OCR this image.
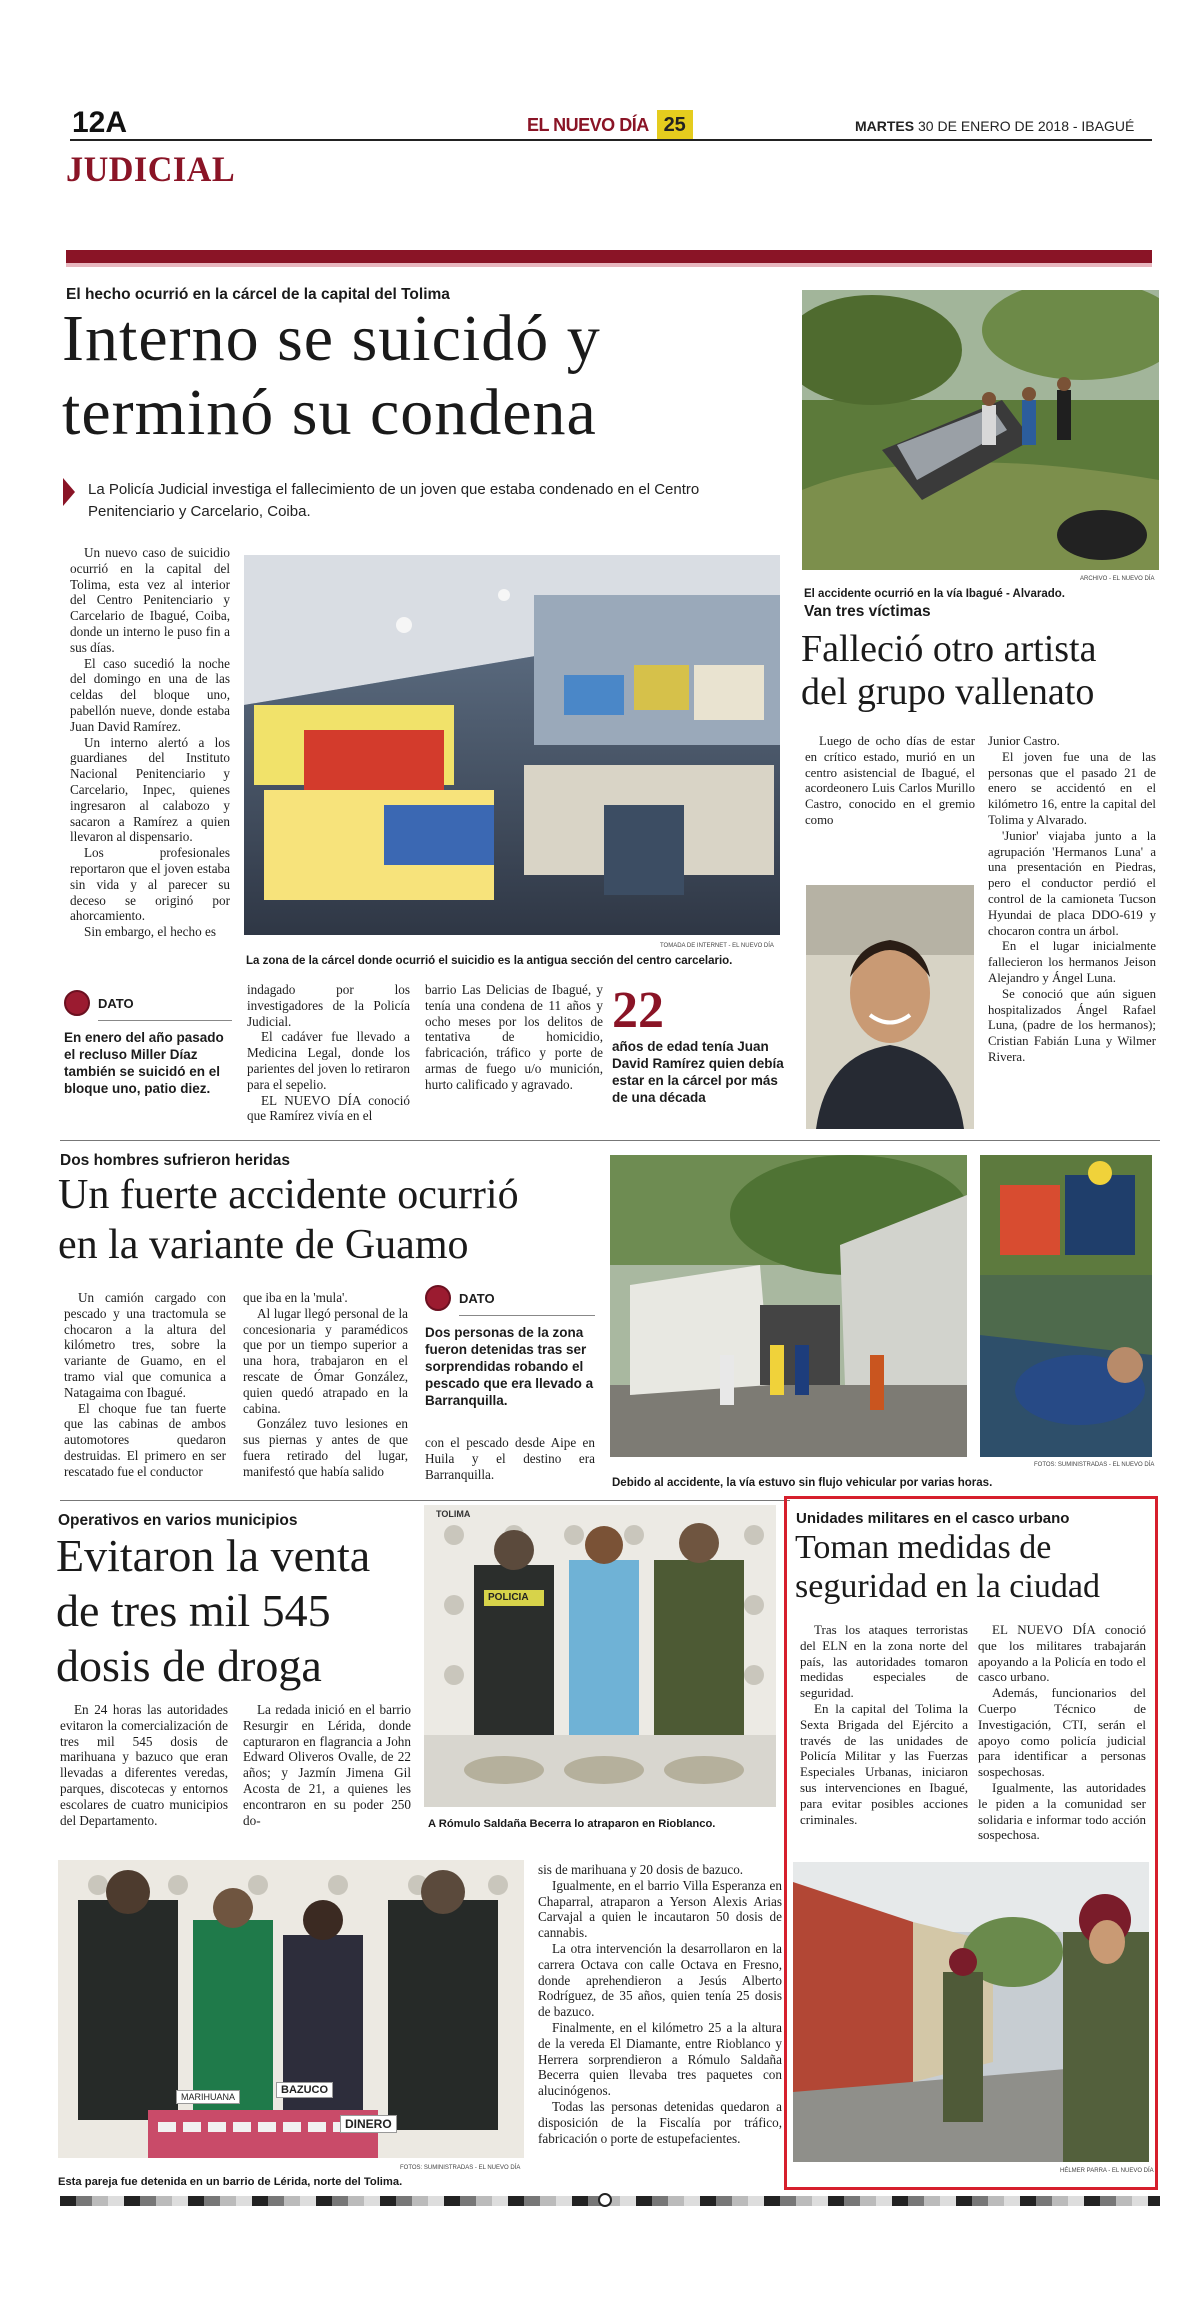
12A	EL NUEVO DÍA 25	MARTES 30 DE ENERO DE 2018 - IBAGUÉ
JUDICIAL
El hecho ocurrió en la cárcel de la capital del Tolima
Interno se suicidó y
terminó su condena
La Policía Judicial investiga el fallecimiento de un joven que estaba condenado en el Centro Penitenciario y Carcelario, Coiba.

Un nuevo caso de suicidio ocurrió en la capital del Tolima, esta vez al interior del Centro Penitenciario y Carcelario de Ibagué, Coiba, donde un interno le puso fin a sus días.

El caso sucedió la noche del domingo en una de las celdas del bloque uno, pabellón nueve, donde estaba Juan David Ramírez.

Un interno alertó a los guardianes del Instituto Nacional Penitenciario y Carcelario, Inpec, quienes ingresaron al calabozo y sacaron a Ramírez a quien llevaron al dispensario.

Los profesionales reportaron que el joven estaba sin vida y al parecer su deceso se originó por ahorcamiento.

Sin embargo, el hecho es

TOMADA DE INTERNET - EL NUEVO DÍA
La zona de la cárcel donde ocurrió el suicidio es la antigua sección del centro carcelario.
DATO
En enero del año pasado el recluso Miller Díaz también se suicidó en el bloque uno, patio diez.

indagado por los investigadores de la Policía Judicial.

El cadáver fue llevado a Medicina Legal, donde los parientes del joven lo retiraron para el sepelio.

EL NUEVO DÍA conoció que Ramírez vivía en el

barrio Las Delicias de Ibagué, y tenía una condena de 11 años y ocho meses por los delitos de tentativa de homicidio, fabricación, tráfico y porte de armas de fuego u/o munición, hurto calificado y agravado.

22
años de edad tenía Juan David Ramírez quien debía estar en la cárcel por más de una década
ARCHIVO - EL NUEVO DÍA
El accidente ocurrió en la vía Ibagué - Alvarado.
Van tres víctimas
Falleció otro artista
del grupo vallenato

Luego de ocho días de estar en crítico estado, murió en un centro asistencial de Ibagué, el acordeonero Luis Carlos Murillo Castro, conocido en el gremio como

Junior Castro.

El joven fue una de las personas que el pasado 21 de enero se accidentó en el kilómetro 16, entre la capital del Tolima y Alvarado.

'Junior' viajaba junto a la agrupación 'Hermanos Luna' a una presentación en Piedras, pero el conductor perdió el control de la camioneta Tucson Hyundai de placa DDO-619 y chocaron contra un árbol.

En el lugar inicialmente fallecieron los hermanos Jeison Alejandro y Ángel Luna.

Se conoció que aún siguen hospitalizados Ángel Rafael Luna, (padre de los hermanos); Cristian Fabián Luna y Wilmer Rivera.

Dos hombres sufrieron heridas
Un fuerte accidente ocurrió
en la variante de Guamo

Un camión cargado con pescado y una tractomula se chocaron a la altura del kilómetro tres, sobre la variante de Guamo, en el tramo vial que comunica a Natagaima con Ibagué.

El choque fue tan fuerte que las cabinas de ambos automotores quedaron destruidas. El primero en ser rescatado fue el conductor

que iba en la 'mula'.

Al lugar llegó personal de la concesionaria y paramédicos que por un tiempo superior a una hora, trabajaron en el rescate de Ómar González, quien quedó atrapado en la cabina.

González tuvo lesiones en sus piernas y antes de que fuera retirado del lugar, manifestó que había salido

DATO
Dos personas de la zona fueron detenidas tras ser sorprendidas robando el pescado que era llevado a Barranquilla.

con el pescado desde Aipe en Huila y el destino era Barranquilla.

FOTOS: SUMINISTRADAS - EL NUEVO DÍA
Debido al accidente, la vía estuvo sin flujo vehicular por varias horas.
Operativos en varios municipios
Evitaron la venta
de tres mil 545
dosis de droga

En 24 horas las autoridades evitaron la comercialización de tres mil 545 dosis de marihuana y bazuco que eran llevadas a diferentes veredas, parques, discotecas y entornos escolares de cuatro municipios del Departamento.

La redada inició en el barrio Resurgir en Lérida, donde capturaron en flagrancia a John Edward Oliveros Ovalle, de 22 años; y Jazmín Jimena Gil Acosta de 21, a quienes les encontraron en su poder 250 do-

TOLIMA
POLICIA
A Rómulo Saldaña Becerra lo atraparon en Rioblanco.
MARIHUANA
BAZUCO
DINERO
FOTOS: SUMINISTRADAS - EL NUEVO DÍA
Esta pareja fue detenida en un barrio de Lérida, norte del Tolima.

sis de marihuana y 20 dosis de bazuco.

Igualmente, en el barrio Villa Esperanza en Chaparral, atraparon a Yerson Alexis Arias Carvajal a quien le incautaron 50 dosis de cannabis.

La otra intervención la desarrollaron en la carrera Octava con calle Octava en Fresno, donde aprehendieron a Jesús Alberto Rodríguez, de 35 años, quien tenía 25 dosis de bazuco.

Finalmente, en el kilómetro 25 a la altura de la vereda El Diamante, entre Rioblanco y Herrera sorprendieron a Rómulo Saldaña Becerra quien llevaba tres paquetes con alucinógenos.

Todas las personas detenidas quedaron a disposición de la Fiscalía por tráfico, fabricación o porte de estupefacientes.

Unidades militares en el casco urbano
Toman medidas de
seguridad en la ciudad

Tras los ataques terroristas del ELN en la zona norte del país, las autoridades tomaron medidas especiales de seguridad.

En la capital del Tolima la Sexta Brigada del Ejército a través de las unidades de Policía Militar y las Fuerzas Especiales Urbanas, iniciaron sus intervenciones en Ibagué, para evitar posibles acciones criminales.

EL NUEVO DÍA conoció que los militares trabajarán apoyando a la Policía en todo el casco urbano.

Además, funcionarios del Cuerpo Técnico de Investigación, CTI, serán el apoyo como policía judicial para identificar a personas sospechosas.

Igualmente, las autoridades le piden a la comunidad ser solidaria e informar todo acción sospechosa.

HÉLMER PARRA - EL NUEVO DÍA
